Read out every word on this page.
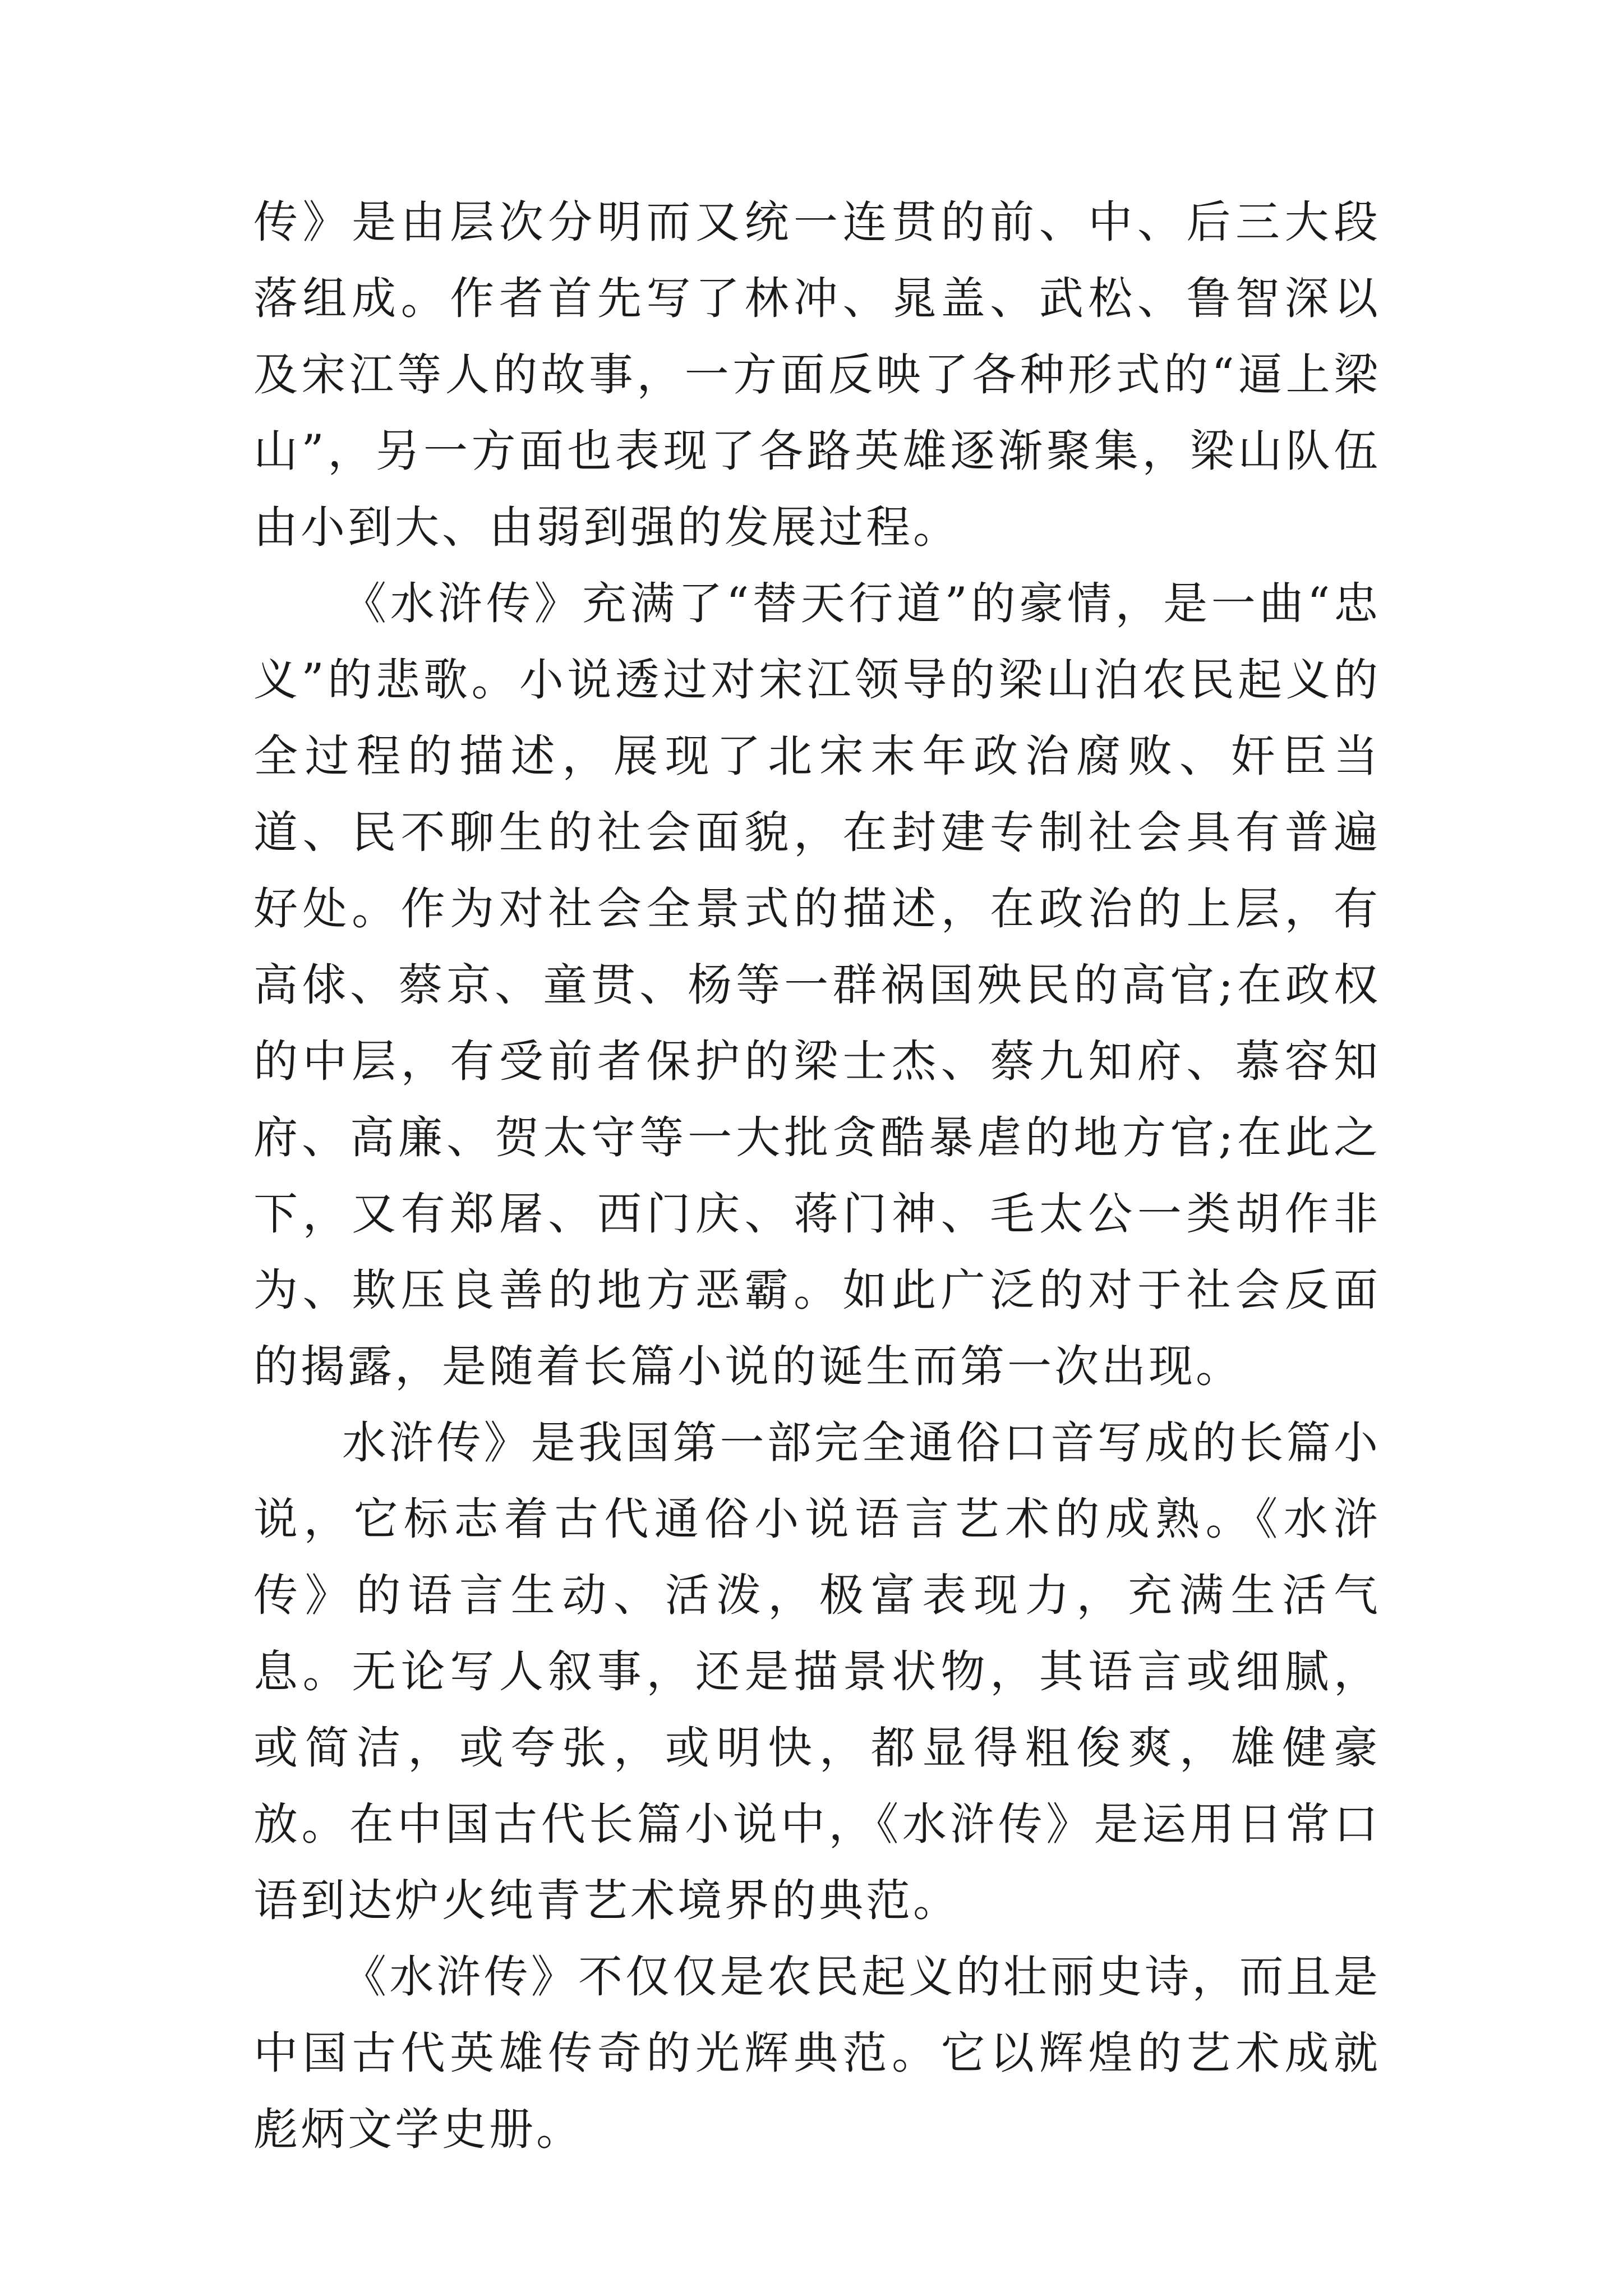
传》是由层次分明而又统一连贯的前、中、后三大段落组成。作者首先写了林冲、晁盖、武松、鲁智深以及宋江等人的故事，一方面反映了各种形式的“逼上梁山”，另一方面也表现了各路英雄逐渐聚集，梁山队伍由小到大、由弱到强的发展过程。

《水浒传》充满了“替天行道”的豪情，是一曲“忠义”的悲歌。小说透过对宋江领导的梁山泊农民起义的全过程的描述，展现了北宋末年政治腐败、奸臣当道、民不聊生的社会面貌，在封建专制社会具有普遍好处。作为对社会全景式的描述，在政治的上层，有高俅、蔡京、童贯、杨等一群祸国殃民的高官;在政权的中层，有受前者保护的梁士杰、蔡九知府、慕容知府、高廉、贺太守等一大批贪酷暴虐的地方官;在此之下，又有郑屠、西门庆、蒋门神、毛太公一类胡作非为、欺压良善的地方恶霸。如此广泛的对于社会反面的揭露，是随着长篇小说的诞生而第一次出现。

水浒传》是我国第一部完全通俗口音写成的长篇小说，它标志着古代通俗小说语言艺术的成熟。《水浒传》的语言生动、活泼，极富表现力，充满生活气息。无论写人叙事，还是描景状物，其语言或细腻，或简洁，或夸张，或明快，都显得粗俊爽，雄健豪放。在中国古代长篇小说中，《水浒传》是运用日常口语到达炉火纯青艺术境界的典范。

《水浒传》不仅仅是农民起义的壮丽史诗，而且是中国古代英雄传奇的光辉典范。它以辉煌的艺术成就彪炳文学史册。
